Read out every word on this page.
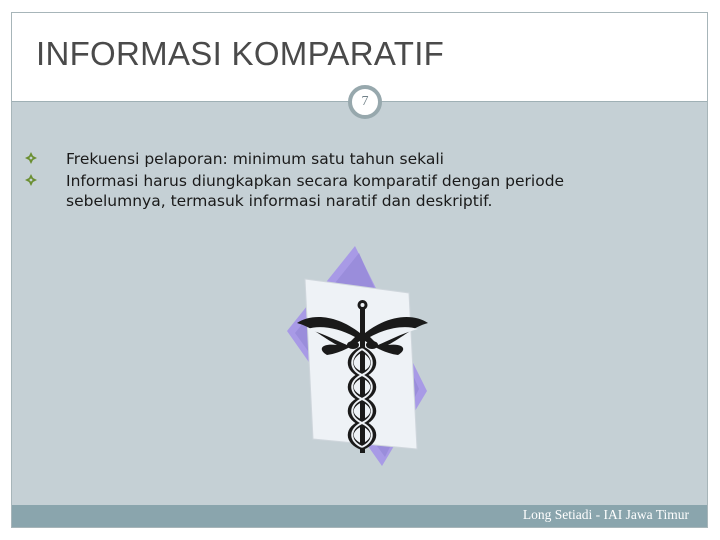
INFORMASI KOMPARATIF
7
Frekuensi pelaporan: minimum satu tahun sekali
Informasi harus diungkapkan secara komparatif dengan periode sebelumnya, termasuk informasi naratif dan deskriptif.
Long Setiadi - IAI Jawa Timur
